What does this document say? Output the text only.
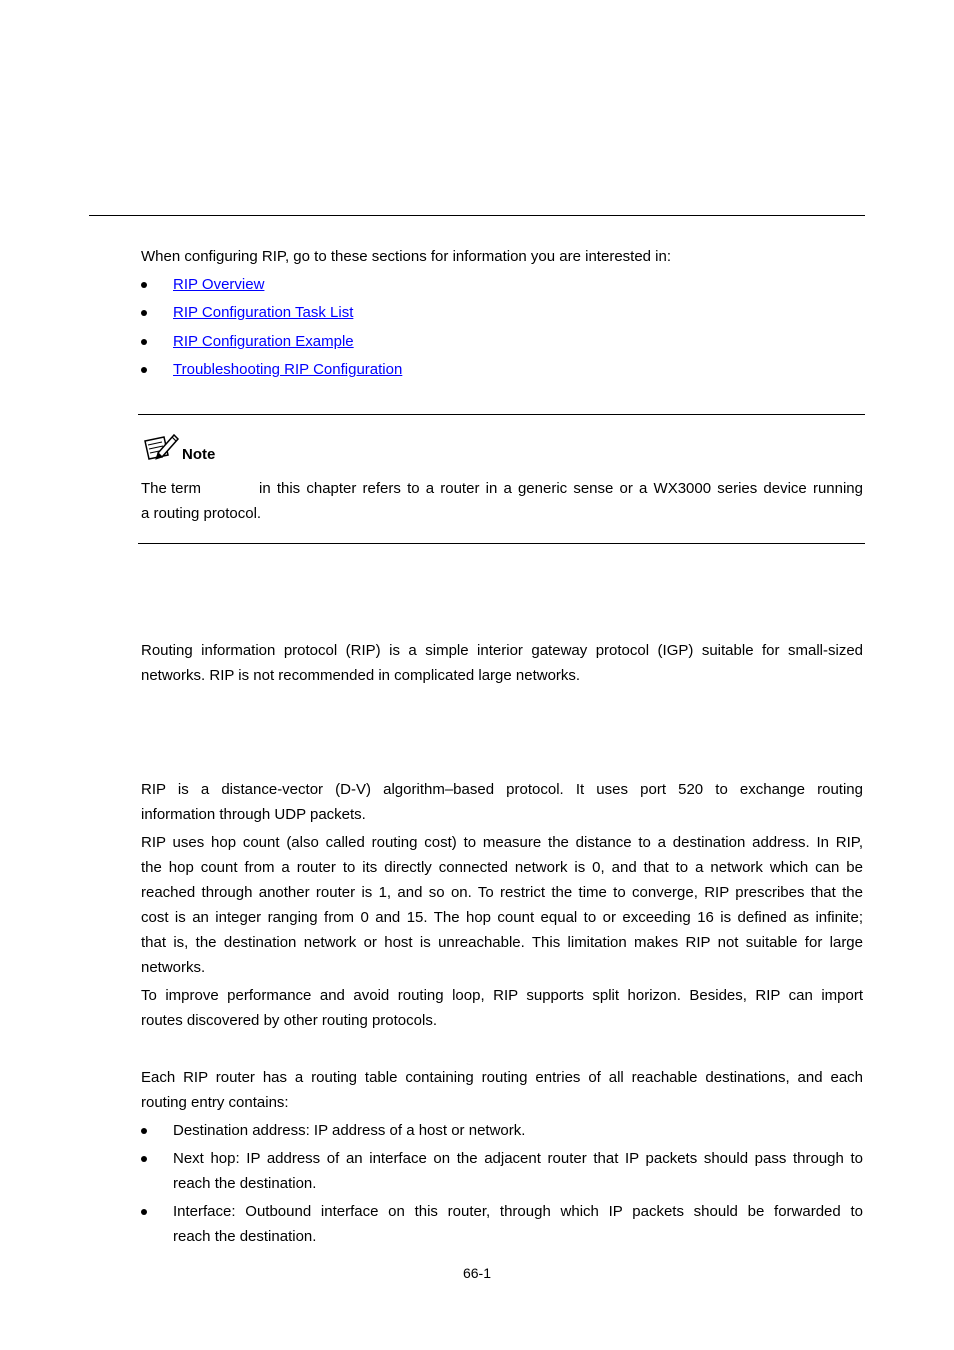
When configuring RIP, go to these sections for information you are interested in:
RIP Overview
RIP Configuration Task List
RIP Configuration Example
Troubleshooting RIP Configuration
Note
The term	in this chapter refers to a router in a generic sense or a WX3000 series device running
a routing protocol.
Routing information protocol (RIP) is a simple interior gateway protocol (IGP) suitable for small-sized
networks. RIP is not recommended in complicated large networks.
RIP is a distance-vector (D-V) algorithm–based protocol. It uses port 520 to exchange routing
information through UDP packets.
RIP uses hop count (also called routing cost) to measure the distance to a destination address. In RIP,
the hop count from a router to its directly connected network is 0, and that to a network which can be
reached through another router is 1, and so on. To restrict the time to converge, RIP prescribes that the
cost is an integer ranging from 0 and 15. The hop count equal to or exceeding 16 is defined as infinite;
that is, the destination network or host is unreachable. This limitation makes RIP not suitable for large
networks.
To improve performance and avoid routing loop, RIP supports split horizon. Besides, RIP can import
routes discovered by other routing protocols.
Each RIP router has a routing table containing routing entries of all reachable destinations, and each
routing entry contains:
Destination address: IP address of a host or network.
Next hop: IP address of an interface on the adjacent router that IP packets should pass through to
reach the destination.
Interface: Outbound interface on this router, through which IP packets should be forwarded to
reach the destination.
66-1
